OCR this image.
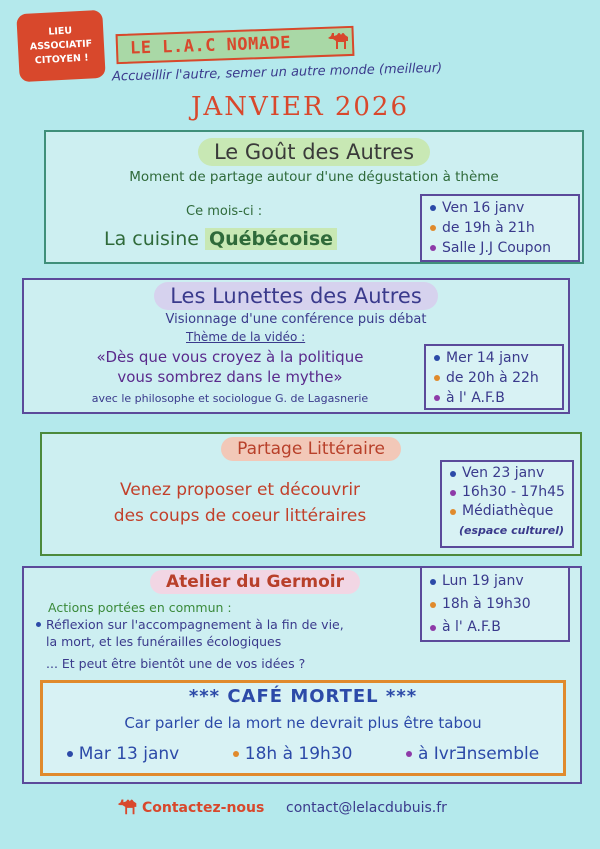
LIEU
ASSOCIATIF
CITOYEN !
LE L.A.C NOMADE
Accueillir l'autre, semer un autre monde (meilleur)
JANVIER 2026
Le Goût des Autres
Moment de partage autour d'une dégustation à thème
Ce mois-ci :
La cuisine Québécoise
Ven 16 janv
de 19h à 21h
Salle J.J Coupon
Les Lunettes des Autres
Visionnage d'une conférence puis débat
Thème de la vidéo :
«Dès que vous croyez à la politique
vous sombrez dans le mythe»
avec le philosophe et sociologue G. de Lagasnerie
Mer 14 janv
de 20h à 22h
à l' A.F.B
Partage Littéraire
Venez proposer et découvrir
des coups de coeur littéraires
Ven 23 janv
16h30 - 17h45
Médiathèque
(espace culturel)
Atelier du Germoir
Actions portées en commun :
Réflexion sur l'accompagnement à la fin de vie,
la mort, et les funérailles écologiques
... Et peut être bientôt une de vos idées ?
Lun 19 janv
18h à 19h30
à l' A.F.B
*** CAFÉ MORTEL ***
Car parler de la mort ne devrait plus être tabou
Mar 13 janv	18h à 19h30	à IvrƎnsemble
Contactez-nous contact@lelacdubuis.fr
